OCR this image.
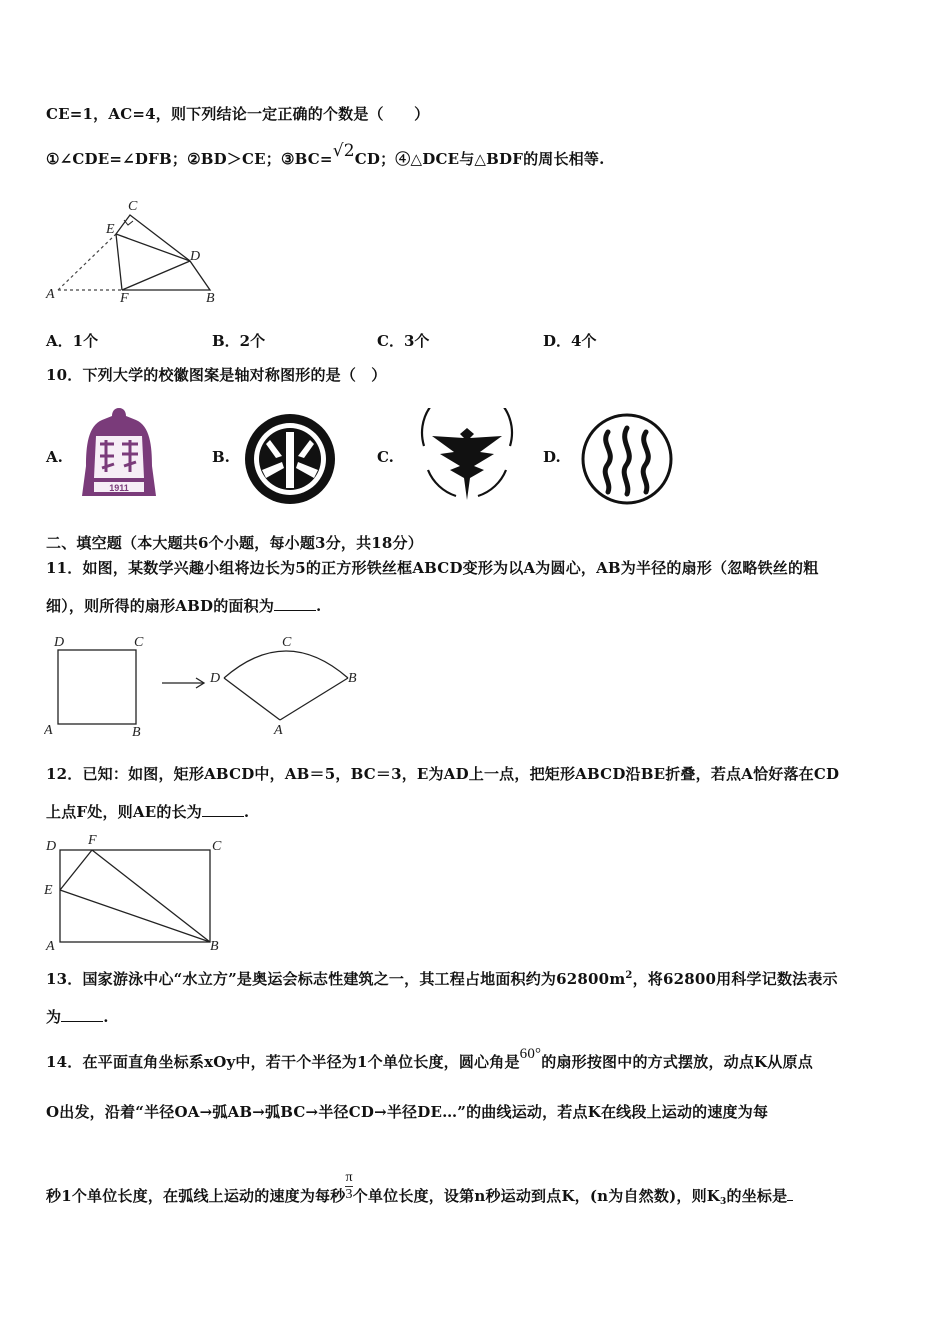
CE=1，AC=4，则下列结论一定正确的个数是（　　）
①∠CDE=∠DFB；②BD＞CE；③BC=√2CD；④△DCE与△BDF的周长相等.
C
E
D
A	F	B
A．1个	B．2个	C．3个	D．4个
10．下列大学的校徽图案是轴对称图形的是（　）
A.
1911
B.	C.	D.
二、填空题（本大题共6个小题，每小题3分，共18分）
11．如图，某数学兴趣小组将边长为5的正方形铁丝框ABCD变形为以A为圆心，AB为半径的扇形（忽略铁丝的粗
细），则所得的扇形ABD的面积为	.
D	C
A	B
D
C
B
A
12．已知：如图，矩形ABCD中，AB＝5，BC＝3，E为AD上一点，把矩形ABCD沿BE折叠，若点A恰好落在CD
上点F处，则AE的长为	.
D F	C
E
A	B
13．国家游泳中心“水立方”是奥运会标志性建筑之一，其工程占地面积约为$62800m^2$，将62800用科学记数法表示
为	.
14．在平面直角坐标系xOy中，若干个半径为1个单位长度，圆心角是60°的扇形按图中的方式摆放，动点K从原点
O出发，沿着“半径OA→弧AB→弧BC→半径CD→半径DE…”的曲线运动，若点K在线段上运动的速度为每
秒1个单位长度，在弧线上运动的速度为每秒 $\frac{\pi}{3}$ 个单位长度，设第n秒运动到点K，(n为自然数)，则$K_3$的坐标是
